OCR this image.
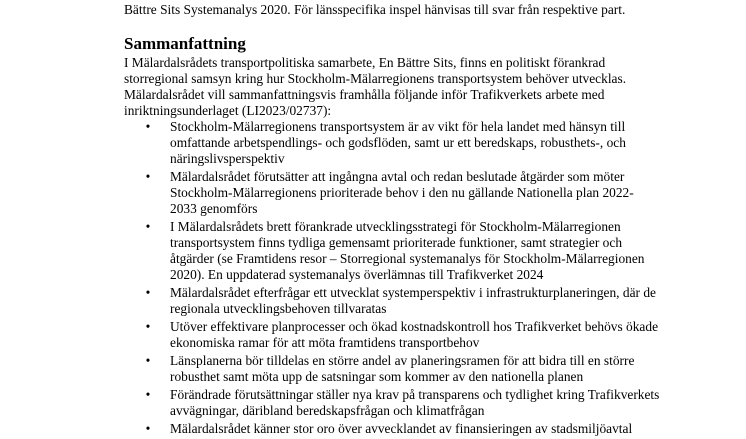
Bättre Sits Systemanalys 2020. För länsspecifika inspel hänvisas till svar från respektive part.
Sammanfattning
I Mälardalsrådets transportpolitiska samarbete, En Bättre Sits, finns en politiskt förankrad storregional samsyn kring hur Stockholm-Mälarregionens transportsystem behöver utvecklas. Mälardalsrådet vill sammanfattningsvis framhålla följande inför Trafikverkets arbete med inriktningsunderlaget (LI2023/02737):
• Stockholm-Mälarregionens transportsystem är av vikt för hela landet med hänsyn till omfattande arbetspendlings- och godsflöden, samt ur ett beredskaps, robusthets-, och näringslivsperspektiv
• Mälardalsrådet förutsätter att ingångna avtal och redan beslutade åtgärder som möter Stockholm-Mälarregionens prioriterade behov i den nu gällande Nationella plan 2022-2033 genomförs
• I Mälardalsrådets brett förankrade utvecklingsstrategi för Stockholm-Mälarregionen transportsystem finns tydliga gemensamt prioriterade funktioner, samt strategier och åtgärder (se Framtidens resor – Storregional systemanalys för Stockholm-Mälarregionen 2020). En uppdaterad systemanalys överlämnas till Trafikverket 2024
• Mälardalsrådet efterfrågar ett utvecklat systemperspektiv i infrastrukturplaneringen, där de regionala utvecklingsbehoven tillvaratas
• Utöver effektivare planprocesser och ökad kostnadskontroll hos Trafikverket behövs ökade ekonomiska ramar för att möta framtidens transportbehov
• Länsplanerna bör tilldelas en större andel av planeringsramen för att bidra till en större robusthet samt möta upp de satsningar som kommer av den nationella planen
• Förändrade förutsättningar ställer nya krav på transparens och tydlighet kring Trafikverkets avvägningar, däribland beredskapsfrågan och klimatfrågan
• Mälardalsrådet känner stor oro över avvecklandet av finansieringen av stadsmiljöavtal
